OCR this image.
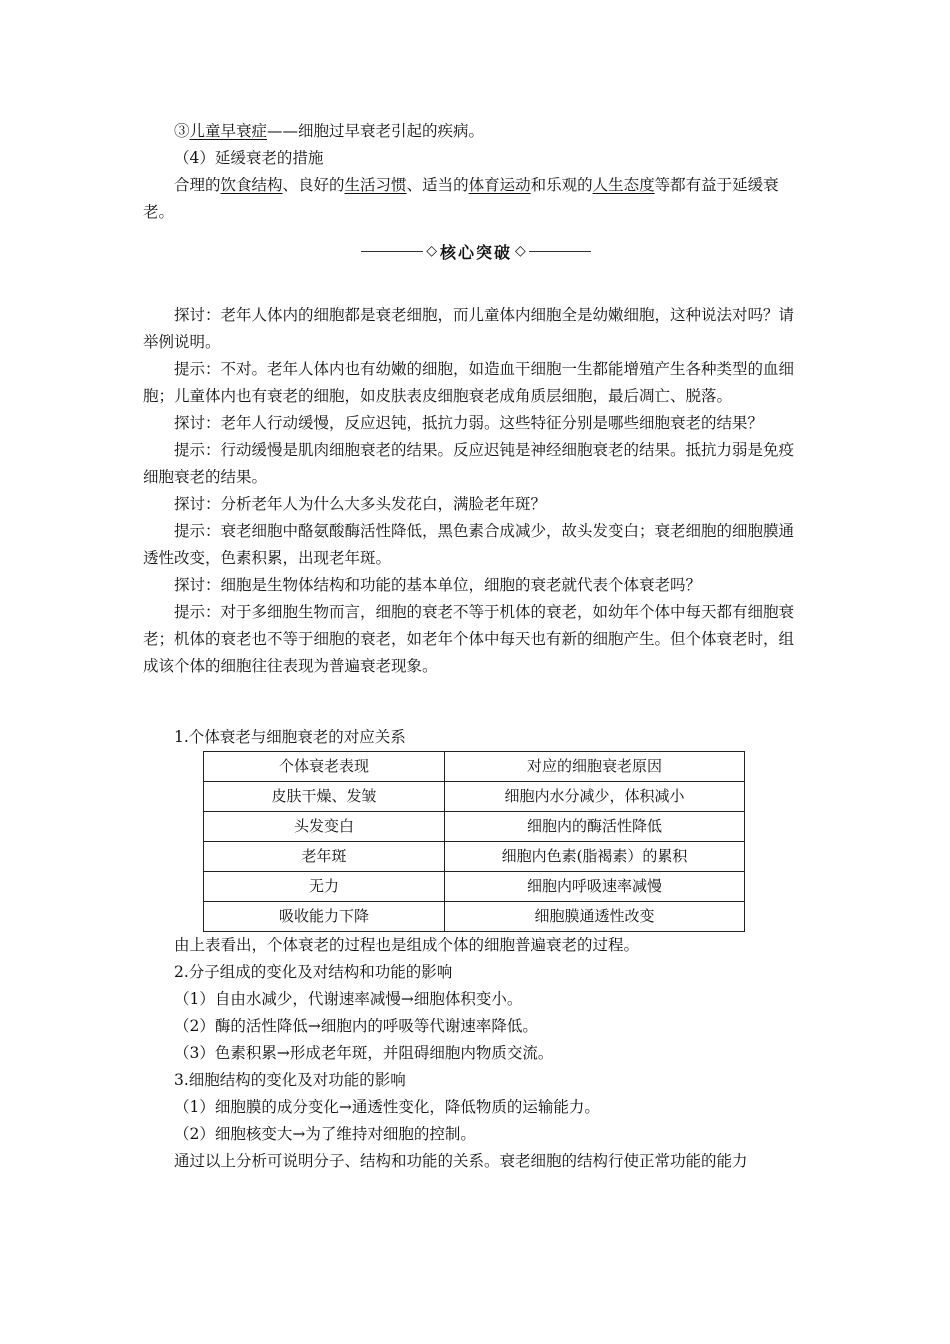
③儿童早衰症——细胞过早衰老引起的疾病。

（4）延缓衰老的措施

合理的饮食结构、良好的生活习惯、适当的体育运动和乐观的人生态度等都有益于延缓衰老。

◇ 核心突破 ◇

探讨：老年人体内的细胞都是衰老细胞，而儿童体内细胞全是幼嫩细胞，这种说法对吗？请举例说明。

提示：不对。老年人体内也有幼嫩的细胞，如造血干细胞一生都能增殖产生各种类型的血细胞；儿童体内也有衰老的细胞，如皮肤表皮细胞衰老成角质层细胞，最后凋亡、脱落。

探讨：老年人行动缓慢，反应迟钝，抵抗力弱。这些特征分别是哪些细胞衰老的结果？

提示：行动缓慢是肌肉细胞衰老的结果。反应迟钝是神经细胞衰老的结果。抵抗力弱是免疫细胞衰老的结果。

探讨：分析老年人为什么大多头发花白，满脸老年斑？

提示：衰老细胞中酪氨酸酶活性降低，黑色素合成减少，故头发变白；衰老细胞的细胞膜通透性改变，色素积累，出现老年斑。

探讨：细胞是生物体结构和功能的基本单位，细胞的衰老就代表个体衰老吗？

提示：对于多细胞生物而言，细胞的衰老不等于机体的衰老，如幼年个体中每天都有细胞衰老；机体的衰老也不等于细胞的衰老，如老年个体中每天也有新的细胞产生。但个体衰老时，组成该个体的细胞往往表现为普遍衰老现象。

1.个体衰老与细胞衰老的对应关系

个体衰老表现	对应的细胞衰老原因
皮肤干燥、发皱	细胞内水分减少，体积减小
头发变白	细胞内的酶活性降低
老年斑	细胞内色素(脂褐素）的累积
无力	细胞内呼吸速率减慢
吸收能力下降	细胞膜通透性改变

由上表看出，个体衰老的过程也是组成个体的细胞普遍衰老的过程。

2.分子组成的变化及对结构和功能的影响

（1）自由水减少，代谢速率减慢→细胞体积变小。

（2）酶的活性降低→细胞内的呼吸等代谢速率降低。

（3）色素积累→形成老年斑，并阻碍细胞内物质交流。

3.细胞结构的变化及对功能的影响

（1）细胞膜的成分变化→通透性变化，降低物质的运输能力。

（2）细胞核变大→为了维持对细胞的控制。

通过以上分析可说明分子、结构和功能的关系。衰老细胞的结构行使正常功能的能力
